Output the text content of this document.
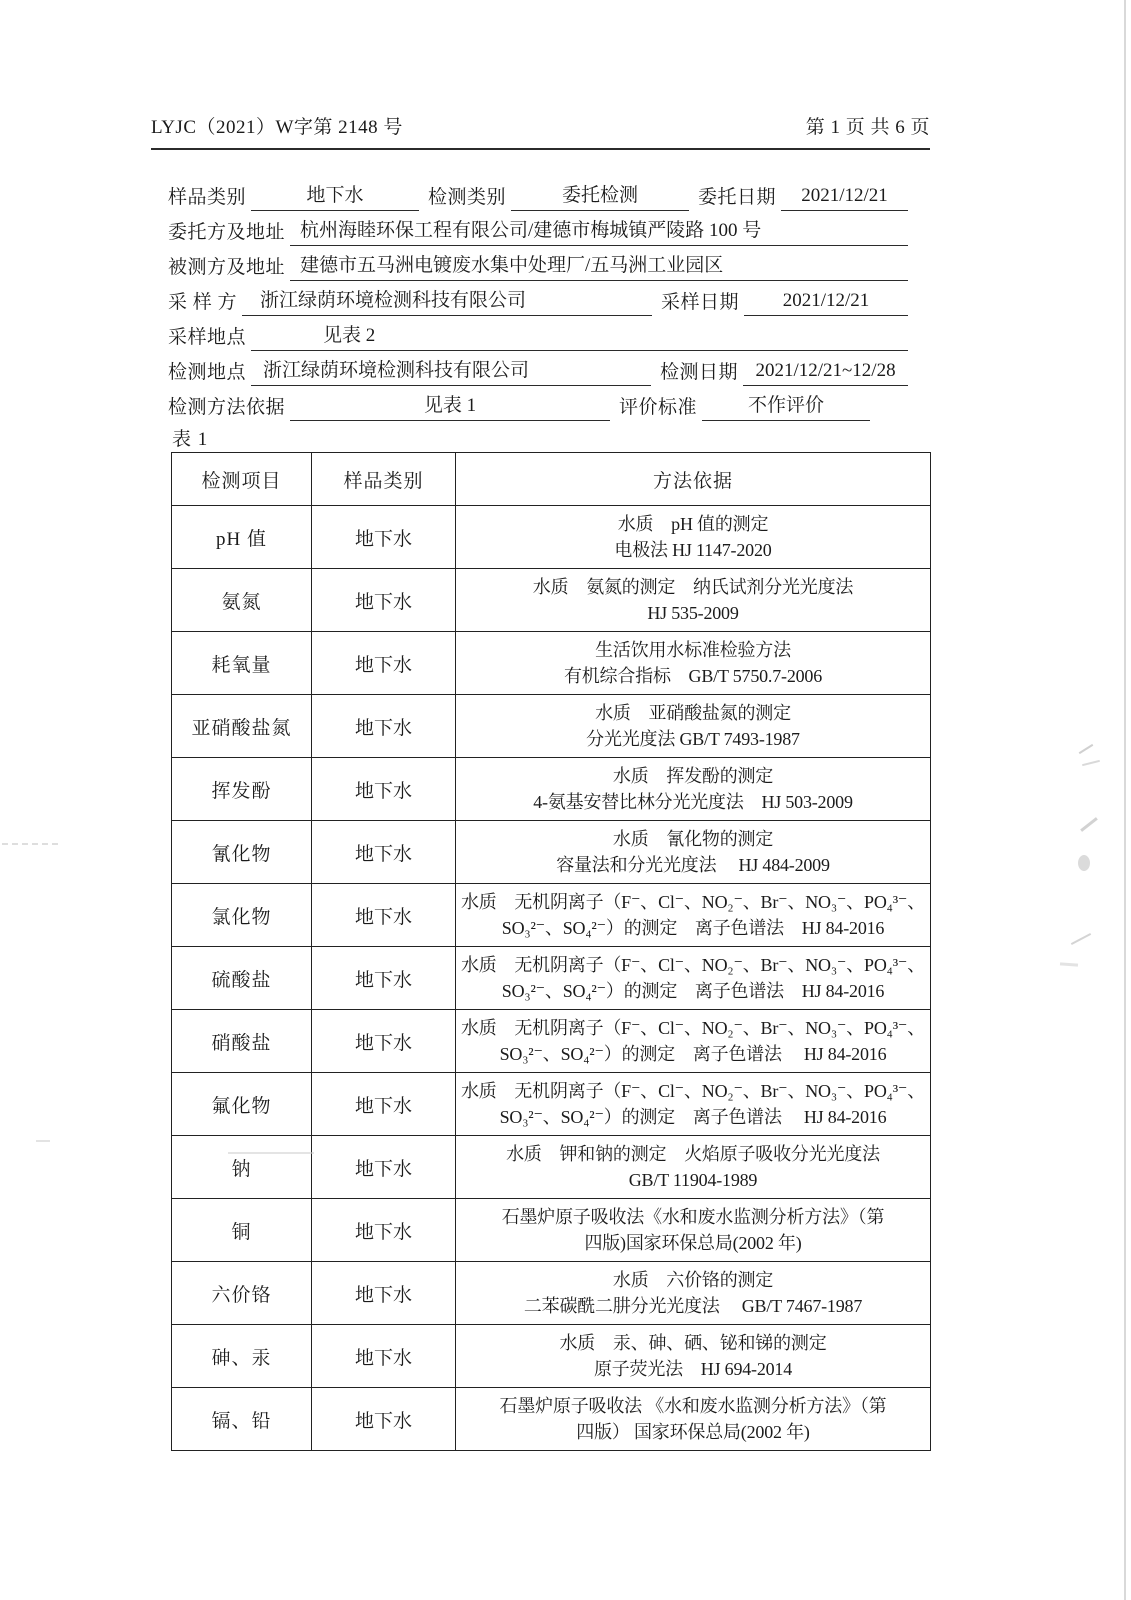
LYJC（2021）W字第 2148 号	第 1 页 共 6 页
样品类别	地下水	检测类别	委托检测	委托日期	2021/12/21
委托方及地址 杭州海睦环保工程有限公司/建德市梅城镇严陵路 100 号
被测方及地址 建德市五马洲电镀废水集中处理厂/五马洲工业园区
采 样 方	浙江绿荫环境检测科技有限公司	采样日期	2021/12/21
采样地点	见表 2
检测地点 浙江绿荫环境检测科技有限公司	检测日期 2021/12/21~12/28
检测方法依据	见表 1	评价标准	不作评价
表 1
检测项目	样品类别	方法依据
pH 值	地下水	水质　pH 值的测定
电极法 HJ 1147-2020

氨氮	地下水	水质　氨氮的测定　纳氏试剂分光光度法
HJ 535-2009

耗氧量	地下水	生活饮用水标准检验方法
有机综合指标　GB/T 5750.7-2006

亚硝酸盐氮	地下水	水质　亚硝酸盐氮的测定
分光光度法 GB/T 7493-1987

挥发酚	地下水	水质　挥发酚的测定
4-氨基安替比林分光光度法　HJ 503-2009

氰化物	地下水	水质　氰化物的测定
容量法和分光光度法　 HJ 484-2009

氯化物	地下水	水质　无机阴离子（F⁻、Cl⁻、NO₂⁻、Br⁻、NO₃⁻、PO₄³⁻、
SO₃²⁻、SO₄²⁻）的测定　离子色谱法　HJ 84-2016

硫酸盐	地下水	水质　无机阴离子（F⁻、Cl⁻、NO₂⁻、Br⁻、NO₃⁻、PO₄³⁻、
SO₃²⁻、SO₄²⁻）的测定　离子色谱法　HJ 84-2016

硝酸盐	地下水	水质　无机阴离子（F⁻、Cl⁻、NO₂⁻、Br⁻、NO₃⁻、PO₄³⁻、
SO₃²⁻、SO₄²⁻）的测定　离子色谱法 　HJ 84-2016

氟化物	地下水	水质　无机阴离子（F⁻、Cl⁻、NO₂⁻、Br⁻、NO₃⁻、PO₄³⁻、
SO₃²⁻、SO₄²⁻）的测定　离子色谱法 　HJ 84-2016

钠	地下水	水质　钾和钠的测定　火焰原子吸收分光光度法
GB/T 11904-1989

铜	地下水	石墨炉原子吸收法《水和废水监测分析方法》（第
四版)国家环保总局(2002 年)

六价铬	地下水	水质　六价铬的测定
二苯碳酰二肼分光光度法 　GB/T 7467-1987

砷、汞	地下水	水质　汞、砷、硒、铋和锑的测定
原子荧光法　HJ 694-2014

镉、铅	地下水	石墨炉原子吸收法 《水和废水监测分析方法》（第
四版） 国家环保总局(2002 年)
